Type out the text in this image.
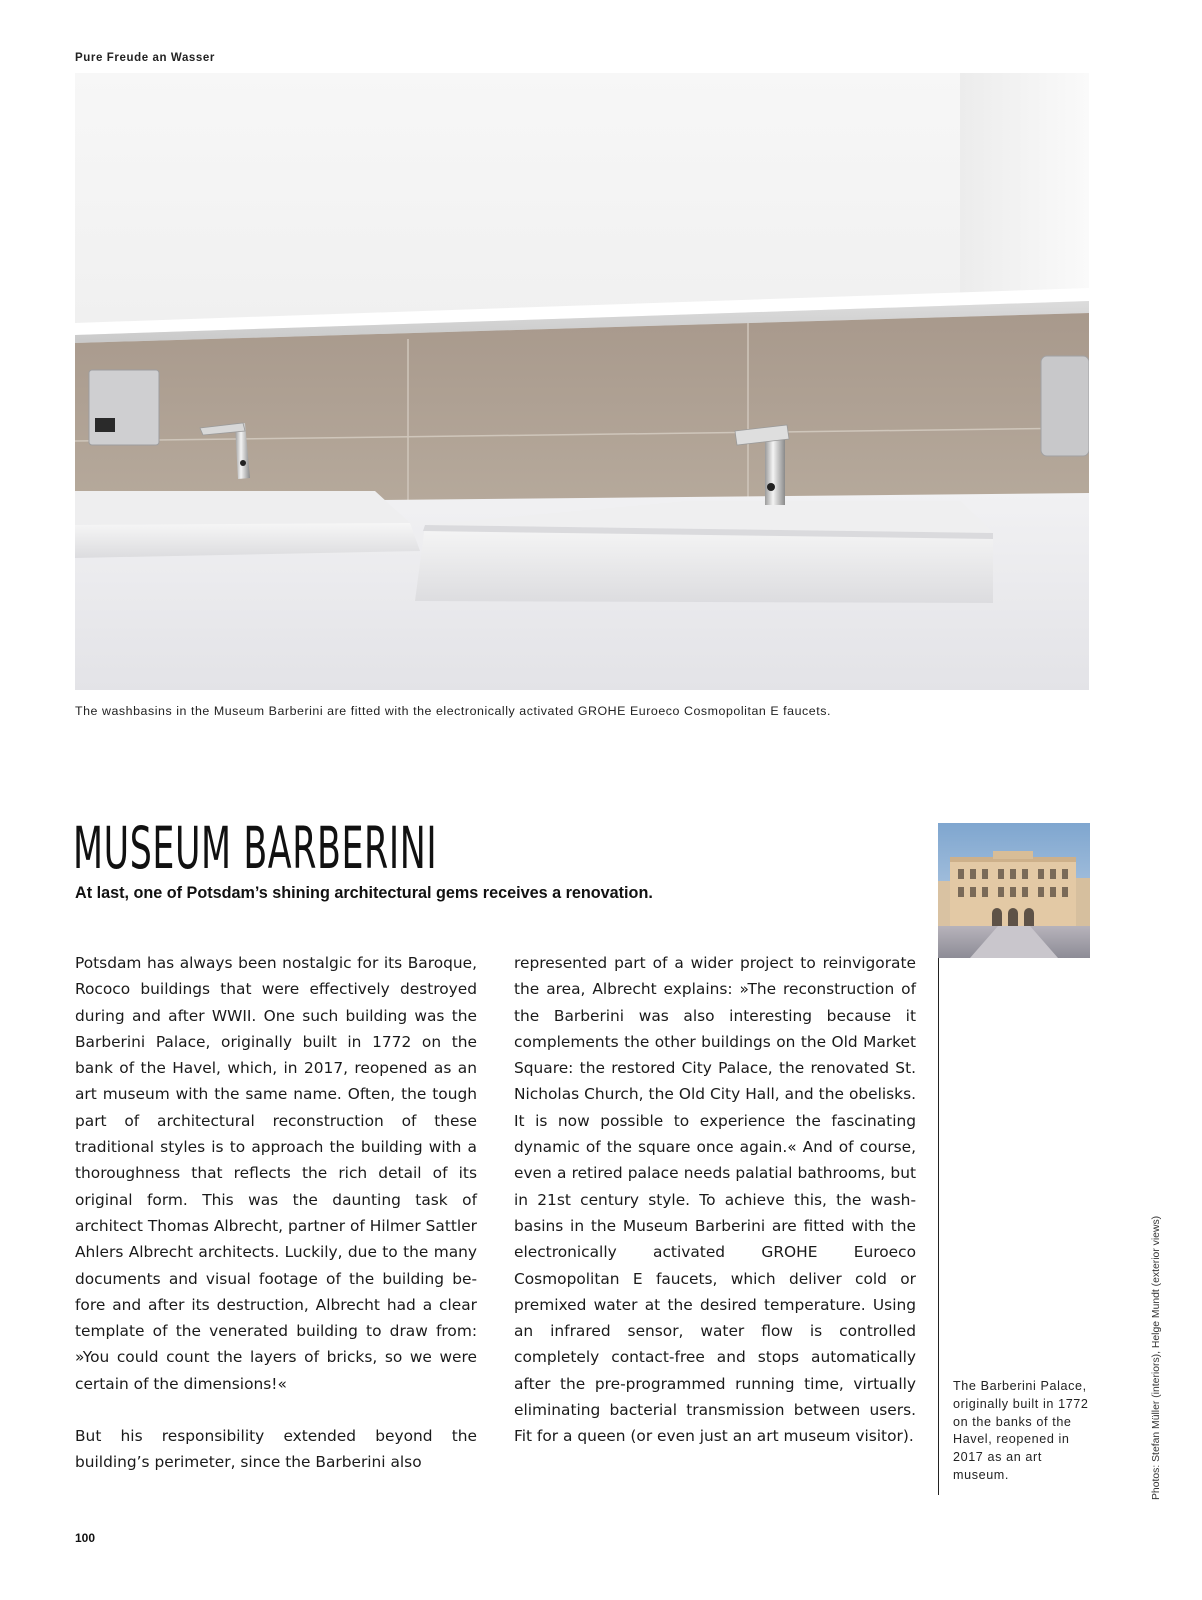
Pure Freude an Wasser
The washbasins in the Museum Barberini are fitted with the electronically activated GROHE Euroeco Cosmopolitan E faucets.
MUSEUM BARBERINI
At last, one of Potsdam’s shining architectural gems receives a renovation.

Potsdam has always been nostalgic for its Baroque, Rococo buildings that were effectively destroyed during and after WWII. One such building was the Barberini Palace, originally built in 1772 on the bank of the Havel, which, in 2017, reopened as an art museum with the same name. Often, the tough part of architectural reconstruction of these traditional styles is to approach the building with a thoroughness that reflects the rich detail of its original form. This was the daunting task of architect Thomas Albrecht, partner of Hilmer Sattler Ahlers Albrecht architects. Luckily, due to the many documents and visual footage of the building before and after its destruction, Albrecht had a clear template of the venerated building to draw from: »You could count the layers of bricks, so we were certain of the dimensions!«

But his responsibility extended beyond the building’s perimeter, since the Barberini also

represented part of a wider project to reinvigorate the area, Albrecht explains: »The reconstruction of the Barberini was also interesting because it complements the other buildings on the Old Market Square: the restored City Palace, the renovated St. Nicholas Church, the Old City Hall, and the obelisks. It is now possible to experience the fascinating dynamic of the square once again.« And of course, even a retired palace needs palatial bathrooms, but in 21st century style. To achieve this, the washbasins in the Museum Barberini are fitted with the electronically activated GROHE Euroeco Cosmopolitan E faucets, which deliver cold or premixed water at the desired temperature. Using an infrared sensor, water flow is controlled completely contact-free and stops automatically after the pre-programmed running time, virtually eliminating bacterial transmission between users. Fit for a queen (or even just an art museum visitor).

The Barberini Palace, originally built in 1772 on the banks of the Havel, reopened in 2017 as an art museum.	Photos: Stefan Müller (interiors), Helge Mundt (exterior views)
100
